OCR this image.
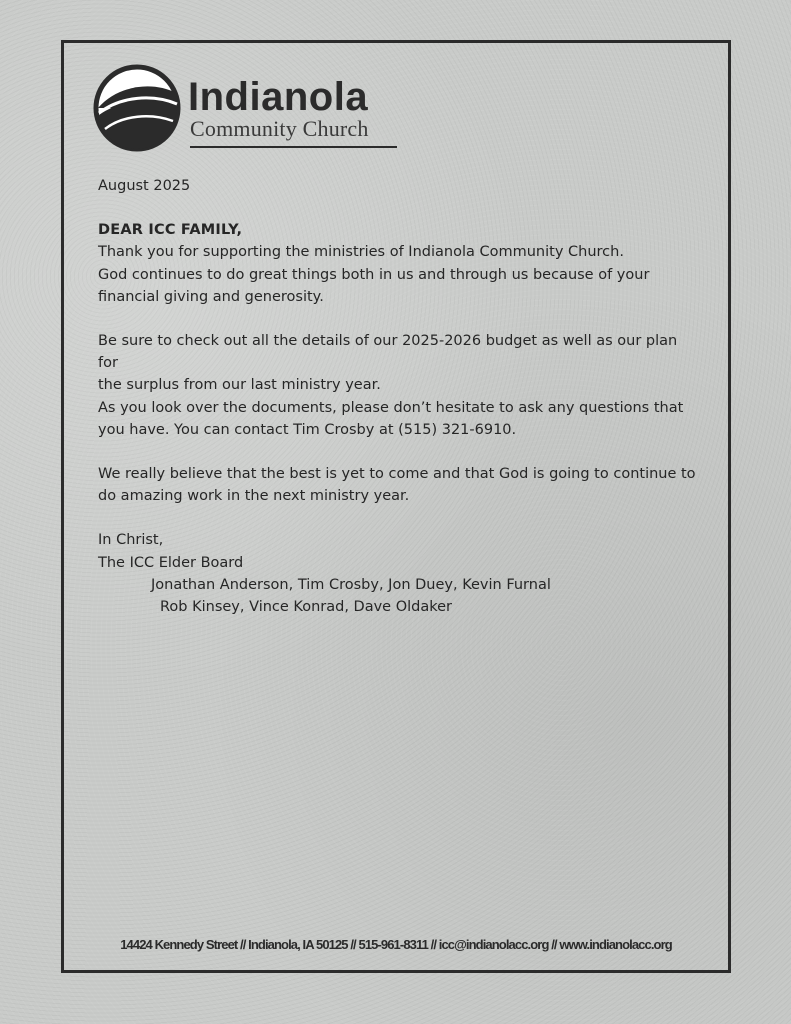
Indianola
Community Church

August 2025

DEAR ICC FAMILY,

Thank you for supporting the ministries of Indianola Community Church.
God continues to do great things both in us and through us because of your
financial giving and generosity.

Be sure to check out all the details of our 2025-2026 budget as well as our plan for
the surplus from our last ministry year.
As you look over the documents, please don’t hesitate to ask any questions that
you have. You can contact Tim Crosby at (515) 321-6910.

We really believe that the best is yet to come and that God is going to continue to
do amazing work in the next ministry year.

In Christ,

The ICC Elder Board

Jonathan Anderson, Tim Crosby, Jon Duey, Kevin Furnal

Rob Kinsey, Vince Konrad, Dave Oldaker

14424 Kennedy Street // Indianola, IA 50125 // 515-961-8311 // icc@indianolacc.org // www.indianolacc.org
